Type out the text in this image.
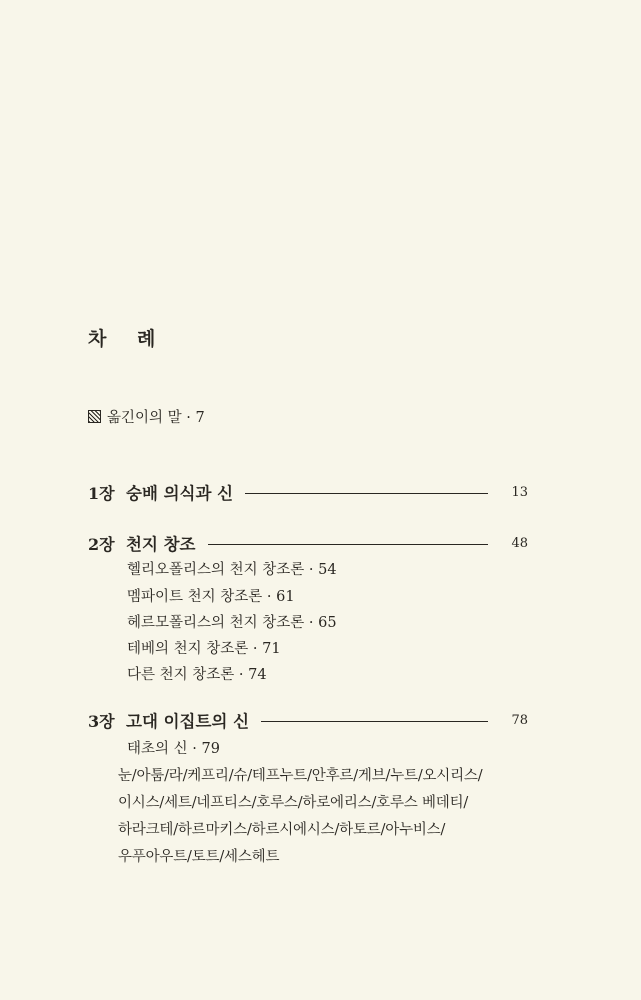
차 례
옮긴이의 말 · 7
1장 숭배 의식과 신	13
2장 천지 창조	48
헬리오폴리스의 천지 창조론 · 54
멤파이트 천지 창조론 · 61
헤르모폴리스의 천지 창조론 · 65
테베의 천지 창조론 · 71
다른 천지 창조론 · 74
3장 고대 이집트의 신	78
태초의 신 · 79
눈/아툼/라/케프리/슈/테프누트/안후르/게브/누트/오시리스/
이시스/세트/네프티스/호루스/하로에리스/호루스 베데티/
하라크테/하르마키스/하르시에시스/하토르/아누비스/
우푸아우트/토트/세스헤트
